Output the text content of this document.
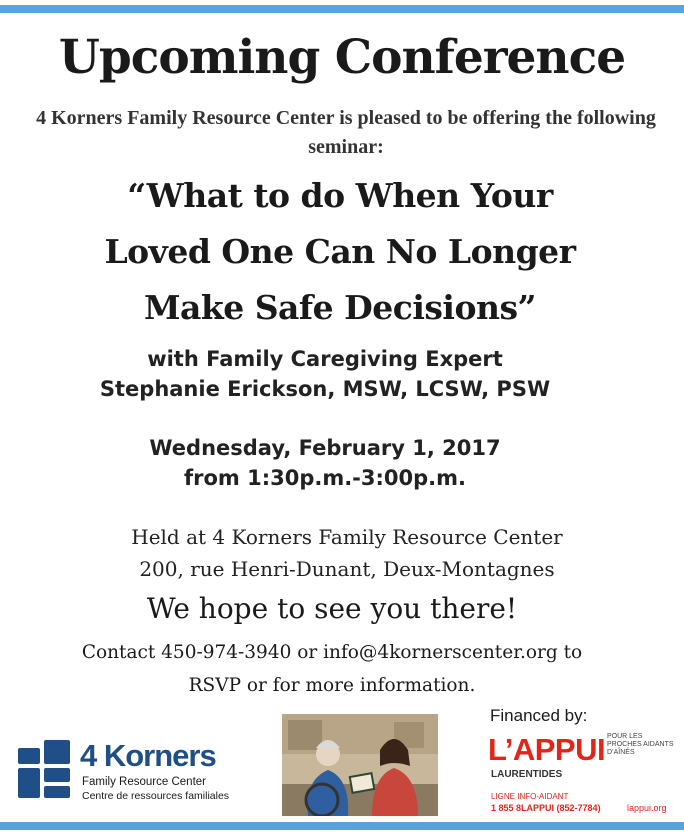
Upcoming Conference
4 Korners Family Resource Center is pleased to be offering the following seminar:
“What to do When Your
Loved One Can No Longer
Make Safe Decisions”
with Family Caregiving Expert
Stephanie Erickson, MSW, LCSW, PSW
Wednesday, February 1, 2017
from 1:30p.m.-3:00p.m.
Held at 4 Korners Family Resource Center
200, rue Henri-Dunant, Deux-Montagnes
We hope to see you there!
Contact 450-974-3940 or info@4kornerscenter.org to
RSVP or for more information.
4 Korners
Family Resource Center
Centre de ressources familiales
Financed by:
L’APPUI POUR LES PROCHES AIDANTS D’AÎNÉS
LAURENTIDES
LIGNE INFO-AIDANT
1 855 8LAPPUI (852-7784)	lappui.org
